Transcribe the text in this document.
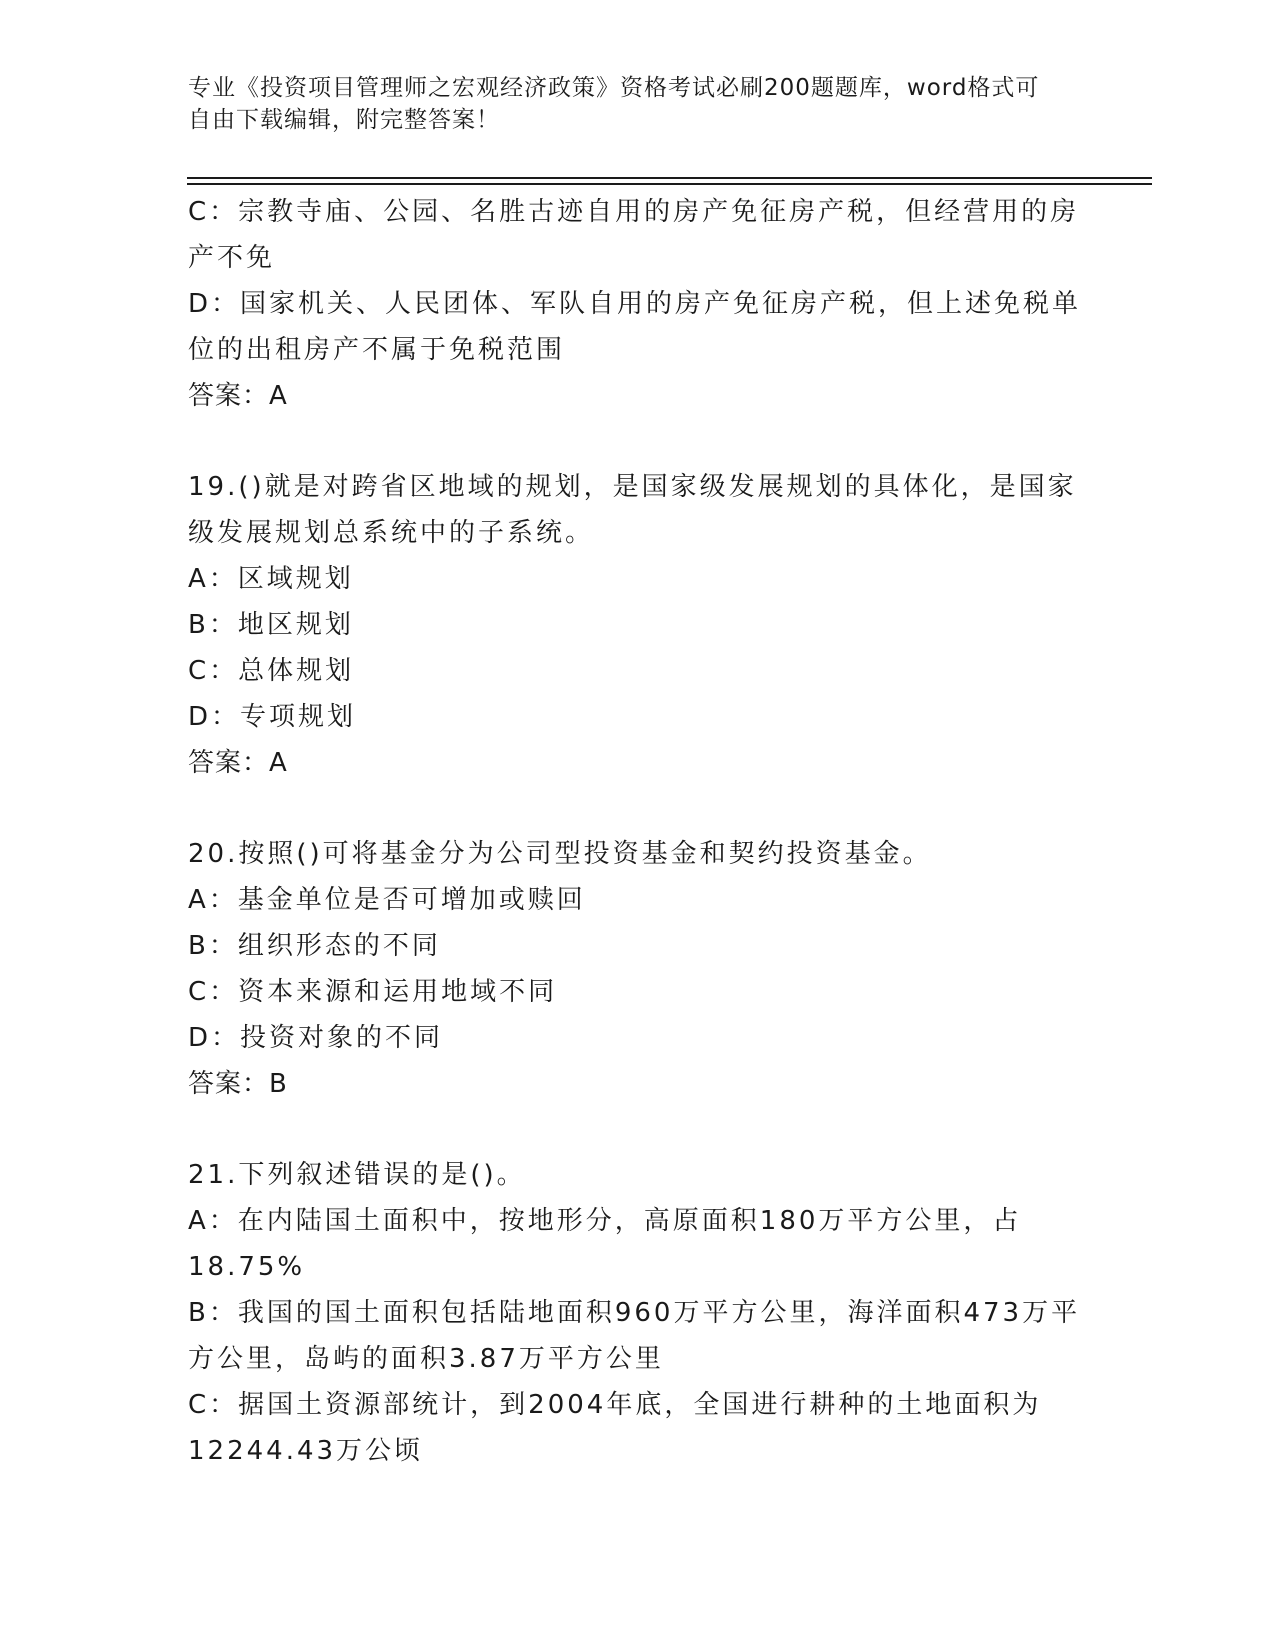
专业《投资项目管理师之宏观经济政策》资格考试必刷200题题库，word格式可
自由下载编辑，附完整答案！
C：宗教寺庙、公园、名胜古迹自用的房产免征房产税，但经营用的房
产不免
D：国家机关、人民团体、军队自用的房产免征房产税，但上述免税单
位的出租房产不属于免税范围
答案：A
19.()就是对跨省区地域的规划，是国家级发展规划的具体化，是国家
级发展规划总系统中的子系统。
A：区域规划
B：地区规划
C：总体规划
D：专项规划
答案：A
20.按照()可将基金分为公司型投资基金和契约投资基金。
A：基金单位是否可增加或赎回
B：组织形态的不同
C：资本来源和运用地域不同
D：投资对象的不同
答案：B
21.下列叙述错误的是()。
A：在内陆国土面积中，按地形分，高原面积180万平方公里，占
18.75%
B：我国的国土面积包括陆地面积960万平方公里，海洋面积473万平
方公里，岛屿的面积3.87万平方公里
C：据国土资源部统计，到2004年底，全国进行耕种的土地面积为
12244.43万公顷
